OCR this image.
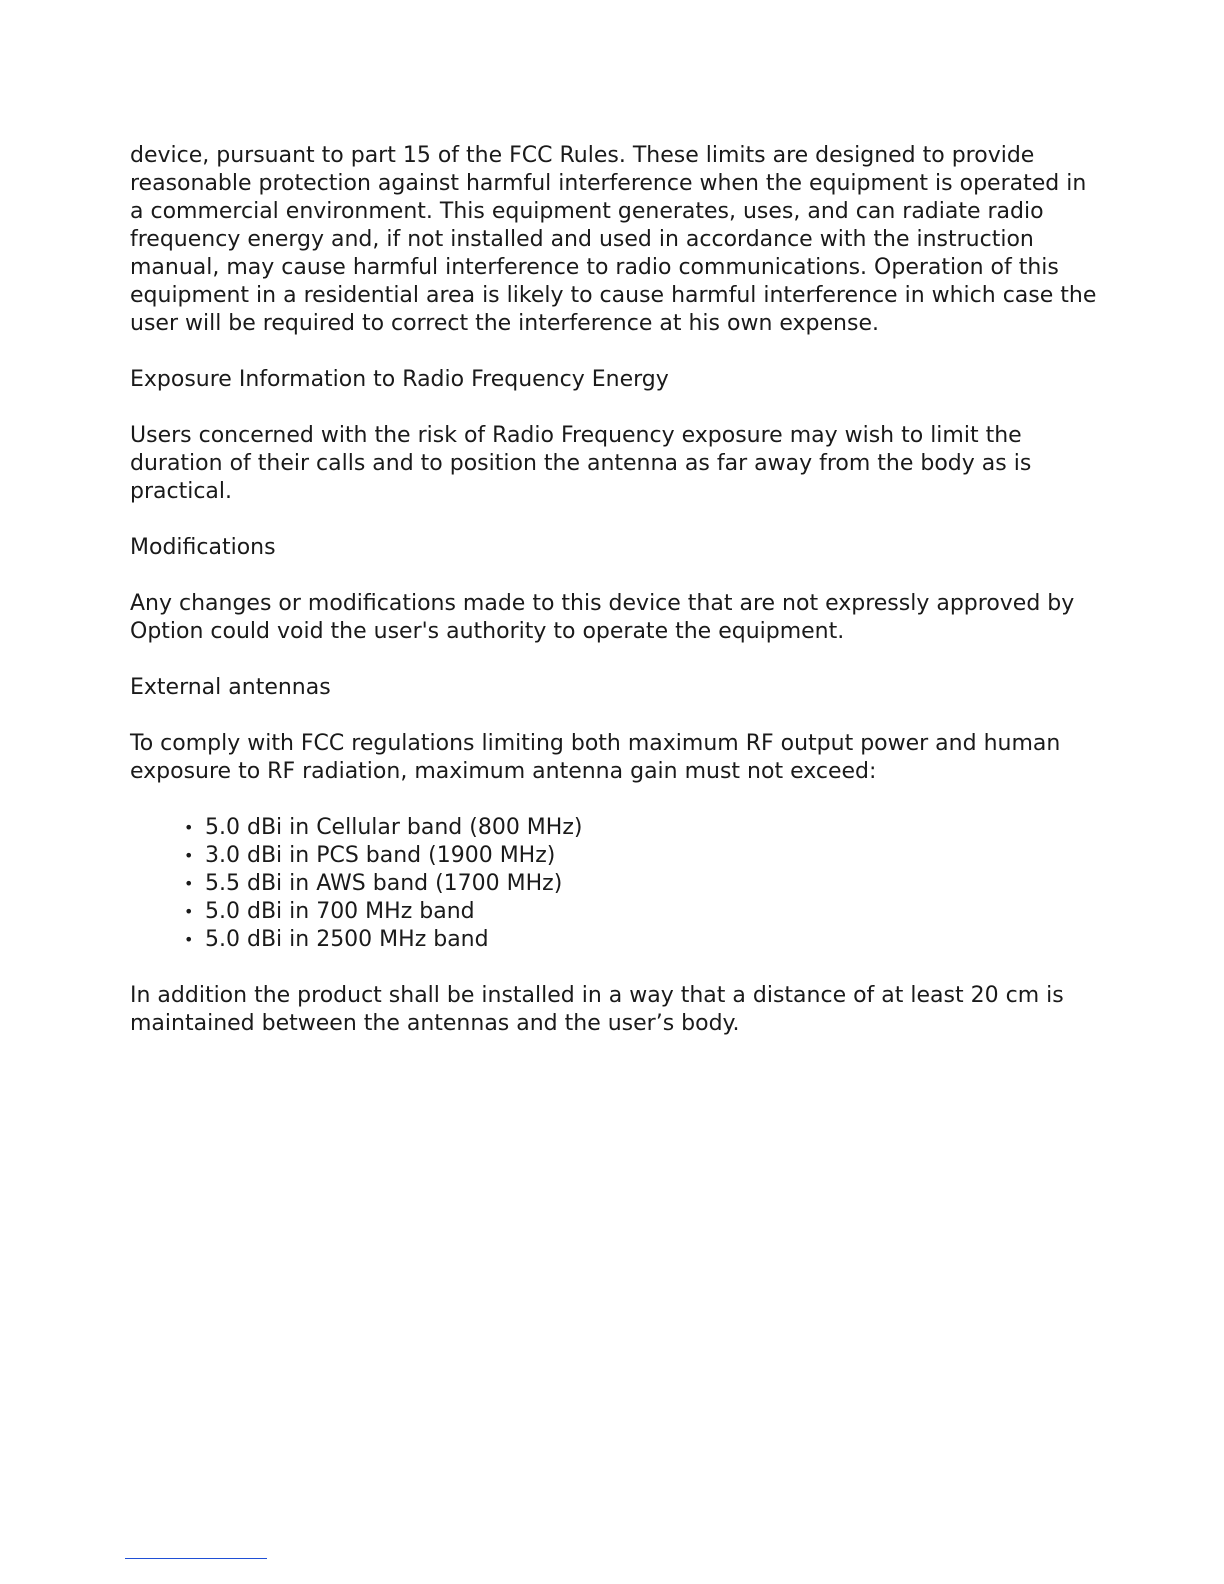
device, pursuant to part 15 of the FCC Rules. These limits are designed to provide
reasonable protection against harmful interference when the equipment is operated in
a commercial environment. This equipment generates, uses, and can radiate radio
frequency energy and, if not installed and used in accordance with the instruction
manual, may cause harmful interference to radio communications. Operation of this
equipment in a residential area is likely to cause harmful interference in which case the
user will be required to correct the interference at his own expense.

Exposure Information to Radio Frequency Energy

Users concerned with the risk of Radio Frequency exposure may wish to limit the
duration of their calls and to position the antenna as far away from the body as is
practical.

Modifications

Any changes or modifications made to this device that are not expressly approved by
Option could void the user's authority to operate the equipment.

External antennas

To comply with FCC regulations limiting both maximum RF output power and human
exposure to RF radiation, maximum antenna gain must not exceed:

• 5.0 dBi in Cellular band (800 MHz)
• 3.0 dBi in PCS band (1900 MHz)
• 5.5 dBi in AWS band (1700 MHz)
• 5.0 dBi in 700 MHz band
• 5.0 dBi in 2500 MHz band

In addition the product shall be installed in a way that a distance of at least 20 cm is
maintained between the antennas and the user’s body.
